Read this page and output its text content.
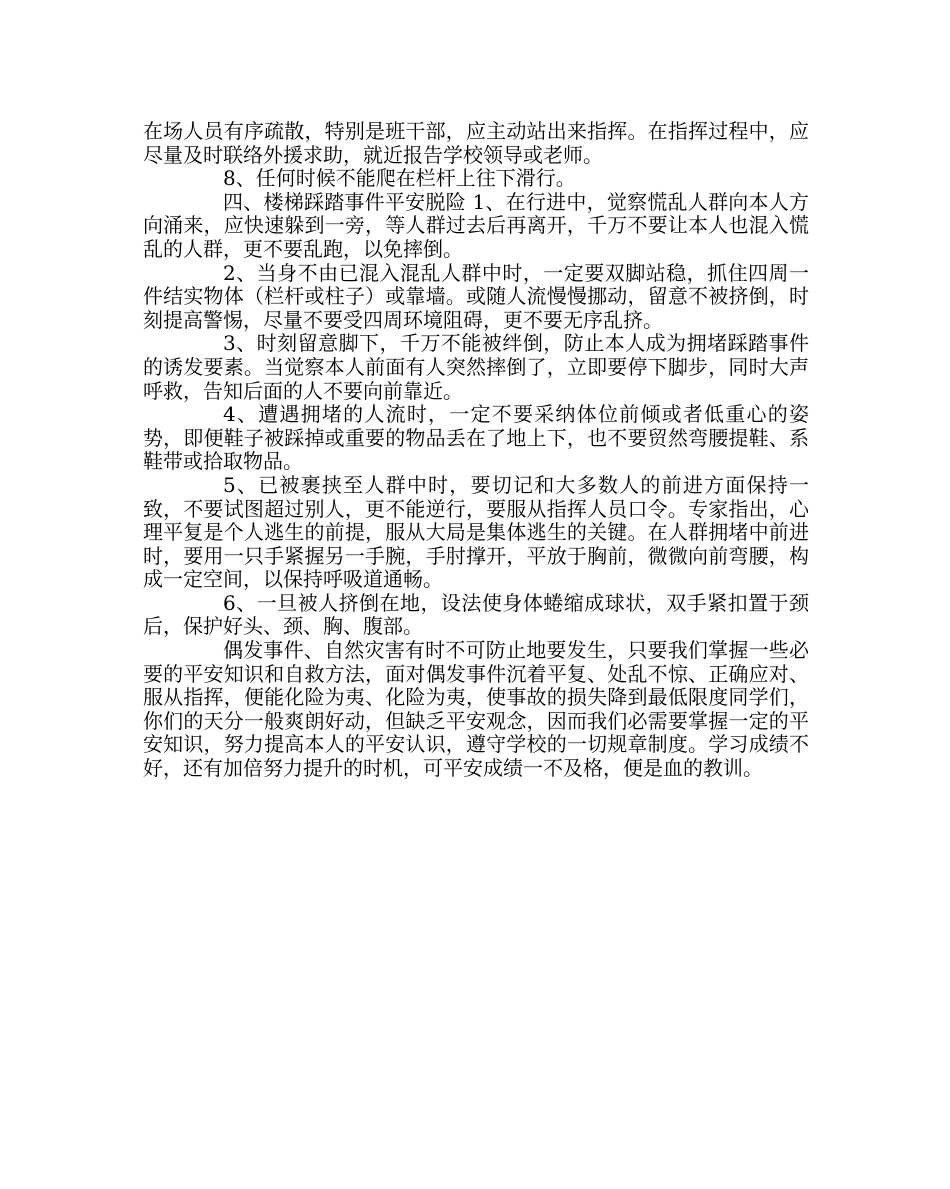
在场人员有序疏散，特别是班干部，应主动站出来指挥。在指挥过程中，应尽量及时联络外援求助，就近报告学校领导或老师。

8、任何时候不能爬在栏杆上往下滑行。

四、楼梯踩踏事件平安脱险 1、在行进中，觉察慌乱人群向本人方向涌来，应快速躲到一旁，等人群过去后再离开，千万不要让本人也混入慌乱的人群，更不要乱跑，以免摔倒。

2、当身不由已混入混乱人群中时，一定要双脚站稳，抓住四周一件结实物体（栏杆或柱子）或靠墙。或随人流慢慢挪动，留意不被挤倒，时刻提高警惕，尽量不要受四周环境阻碍，更不要无序乱挤。

3、时刻留意脚下，千万不能被绊倒，防止本人成为拥堵踩踏事件的诱发要素。当觉察本人前面有人突然摔倒了，立即要停下脚步，同时大声呼救，告知后面的人不要向前靠近。

4、遭遇拥堵的人流时，一定不要采纳体位前倾或者低重心的姿势，即便鞋子被踩掉或重要的物品丢在了地上下，也不要贸然弯腰提鞋、系鞋带或拾取物品。

5、已被裹挟至人群中时，要切记和大多数人的前进方面保持一致，不要试图超过别人，更不能逆行，要服从指挥人员口令。专家指出，心理平复是个人逃生的前提，服从大局是集体逃生的关键。在人群拥堵中前进时，要用一只手紧握另一手腕，手肘撑开，平放于胸前，微微向前弯腰，构成一定空间，以保持呼吸道通畅。

6、一旦被人挤倒在地，设法使身体蜷缩成球状，双手紧扣置于颈后，保护好头、颈、胸、腹部。

偶发事件、自然灾害有时不可防止地要发生，只要我们掌握一些必要的平安知识和自救方法，面对偶发事件沉着平复、处乱不惊、正确应对、服从指挥，便能化险为夷、化险为夷，使事故的损失降到最低限度同学们，你们的天分一般爽朗好动，但缺乏平安观念，因而我们必需要掌握一定的平安知识，努力提高本人的平安认识，遵守学校的一切规章制度。学习成绩不好，还有加倍努力提升的时机，可平安成绩一不及格，便是血的教训。
